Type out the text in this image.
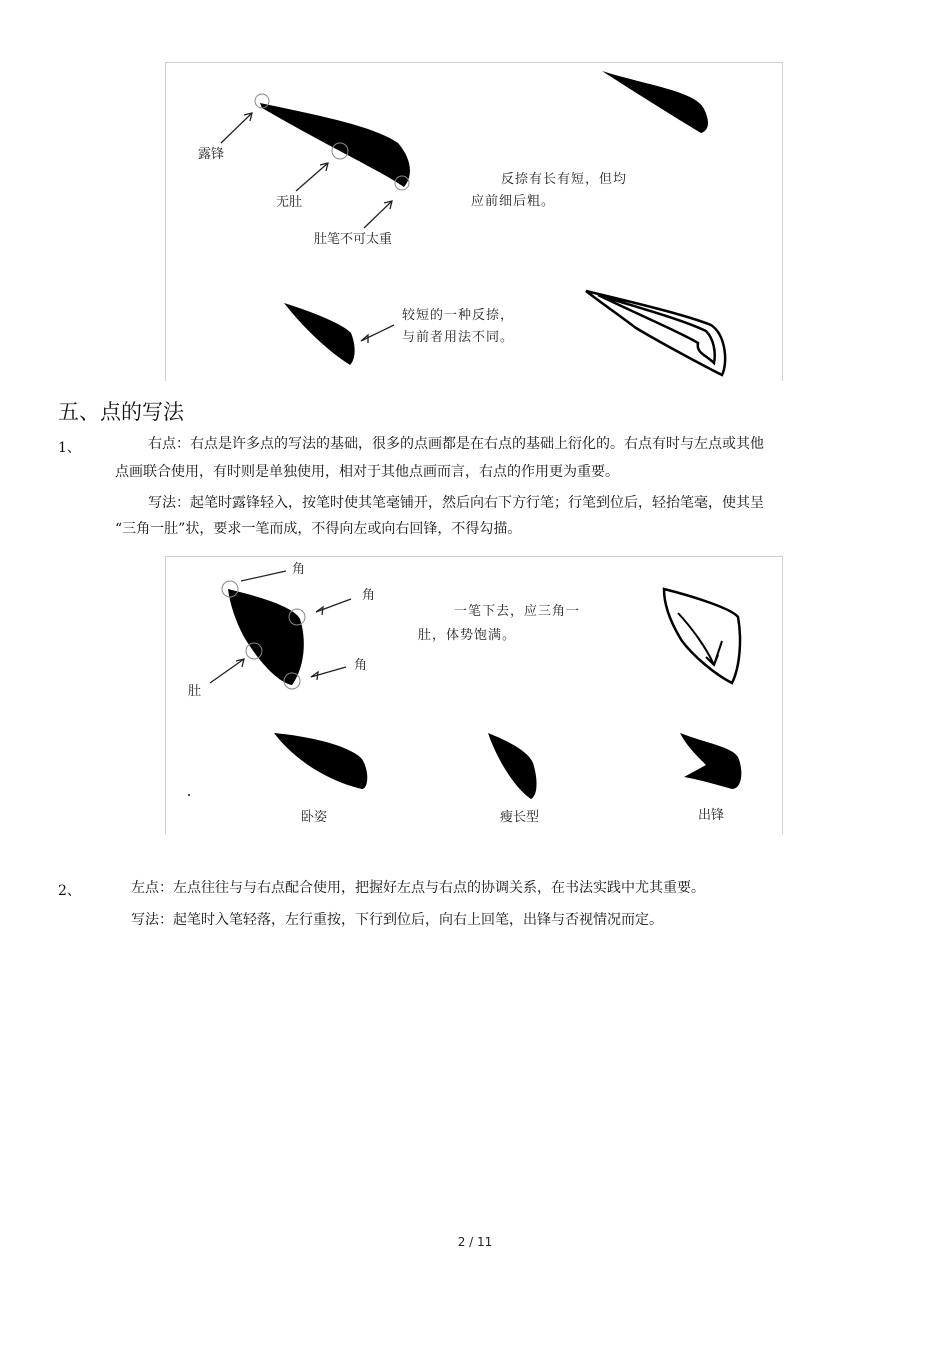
露锋
无肚
肚笔不可太重
反捺有长有短，但均
应前细后粗。
较短的一种反捺，
与前者用法不同。
五、点的写法
1、	右点：右点是许多点的写法的基础，很多的点画都是在右点的基础上衍化的。右点有时与左点或其他
点画联合使用，有时则是单独使用，相对于其他点画而言，右点的作用更为重要。
写法：起笔时露锋轻入，按笔时使其笔毫铺开，然后向右下方行笔；行笔到位后，轻抬笔毫，使其呈
“三角一肚”状，要求一笔而成，不得向左或向右回锋，不得勾描。
角
角
角
肚
一笔下去，应三角一
肚，体势饱满。
卧姿	瘦长型	出锋
2、	左点：左点往往与与右点配合使用，把握好左点与右点的协调关系，在书法实践中尤其重要。
写法：起笔时入笔轻落，左行重按，下行到位后，向右上回笔，出锋与否视情况而定。
2 / 11
